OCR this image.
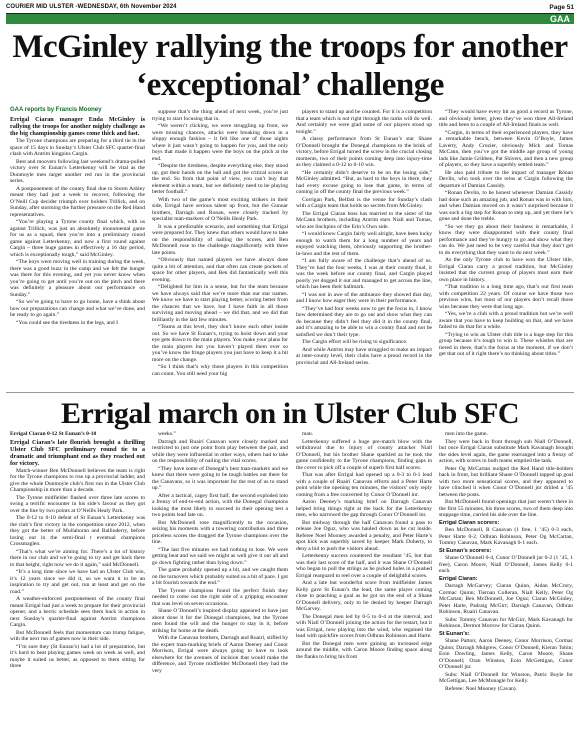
COURIER MID ULSTER -WEDNESDAY, 6th November 2024	Page 51
GAA
McGinley rallying the troops for another ‘exceptional’ challenge
GAA reports by Francis Mooney

Errigal Ciaran manager Enda McGinley is rallying the troops for another mighty challenge as the big championship games come thick and fast.

The Tyrone champions are preparing for a third tie in the space of 15 days in Sunday’s Ulster Club SFC quarter-final clash with Antrim kingpins Cargin.

Best and moovers following last weekend’s drama-pulled victory over St Eunan’s Letterkenny will be vital as the Dunmoyle men target another red run in the provincial series.

A postponement of the county final due to Storm Ashley meant they had just a week to recover, following the O’Neill Cup decider triumph over holders Trillick, and on Sunday, after storming the further pressure on the Red Hand representatives.

“You’re playing a Tyrone county final which, with us against Trillick, was just an absolutely monumental game for us as a squad, then you’re into a preliminary round game against Letterkenny, and now a first round against Cargin – three huge games in effectively a 16 day period, which is exceptionally tough,” said McGinley.

“The boys were moving well in training during the week, there was a good buzz in the camp and we felt the hunger was there for this evening, and yet you never know when you’re going to get until you’re out on the pitch and there was definitely a pleasure about our performance on Sunday.”

“So we’re going to have to go home, have a think about how our preparations can change and what we’ve done, and be ready to go again.”

“You could see the tiredness in the legs, and I

suppose that’s the thing ahead of next week, you’re just trying to start focusing that in.

“We weren’t clicking, we were struggling up front, we were missing chances, attacks were breaking down in a sloppy enough fashion – it felt like one of those nights where it just wasn’t going to happen for you, and the only boys that made it happen were the boys on the pitch at the end.

“Despite the tiredness, despite everything else, they stood up, got their hands on the ball and got the critical scores at the end. So from that point of view, you can’t buy that element within a team, but we definitely need to be playing better football.”

With two of the game’s most exciting strikers in their side, Errigal have serious talent up front, but the Gunnar brothers, Darragh and Ronan, were closely tracked by specialist man-markers of O’Neills Healy Park.

It was a predictable scenario, and something that Errigal were prepared for. They knew that others would have to take on the responsibility of nailing the scores, and Ben McDonnell rose to the challenge magnificently with three late points.

“Obviously that named players we have always done quite a bit of attention, and that often can create pockets of space for other players, and Ben did fantastically well this evening.

“Delighted for him in a sense, but for the team because we have always said that we’re more than our star names. We know we have to start playing better, scoring better from the chances that we have, but I have faith in all those surviving and moving ahead – we did that, and we did that brilliantly in the last few minutes.

“Teams at this level, they don’t know each other inside out. So we have St Eunan’s, trying to hoist down and your eye gets drawn to the main players. You make your plans for the main players but you haven’t played them ever so you’ve know the fringe players you just have to keep it a bit more on the change.

“So I think that’s why those players in this competition can count. You still need your big

players to stand up and be counted. For it is a competition that a team which is not right through the ranks will do well. And certainly we were glad some of our players stood up tonight.”

A classy performance from St Eunan’s star Shane O’Donnell brought the Donegal champions to the brink of victory, before Errigal turned the screw in the crucial closing moments, two of their points coming deep into injury-time as they claimed a 0-12 to 0-10 win.

“He certainly didn’t deserve to be on the losing side,” McGinley admitted. “But, as hard to the boys in there, they had every excuse going to lose that game, in terms of coming in off the county final the previous week.”

Corrigan Park, Belfast is the venue for Sunday’s clash with a Cargin team that holds no secrets from McGinley.

The Errigal Ciaran boss has married to the sister of the McCann brothers, including Antrim stars Niall and Tomas, who are linchpins of the Erin’s Own side.

“I would know Cargin fairly well alright, have been lucky enough to watch them for a long number of years and enjoyed watching them, obviously supporting the brother-in-laws and the rest of them.

“I am fully aware of the challenge that’s ahead of us. They’ve had the four weeks, I was at their county final, it was the week before our county final, and Cargin played poorly yet dogged it out and managed to get across the line, which has been their hallmark.

“I was not in awe of the ambiance they showed that day, and I know how eager they were in their performance.

“They’ve had four weeks now to get the focus in, I know how determined they are to go out and show what they can do because they didn’t feel they did it in the county final, and it’s amazing to be able to win a county final and not be satisfied we don’t their type.

The Cargin effort will be rising to significance.

And while Antrim may have struggled to make an impact at inter-county level, their clubs have a proud record in the provincial and All-Ireland series.

“They would have every bit as good a record as Tyrone, and obviously better, given they’ve won three All-Ireland title and been to a couple of All-Ireland finals as well.

“Cargin, in terms of their experienced players, they have a remarkable bench, between Kevin O’Boyle, James Laverty, Andy Crozier, obviously Mick and Tomas McCann, then you’ve got the middle age group of young lads like Jamie Gribben, Pat Shivers, and then a new group of players, so they have a superbly settled team.”

He also paid tribute to the impact of manager Rónan Devlin, who took over the reins at Cargin following the departure of Damian Cassidy.

“Ronan Devlin, to be honest whenever Damian Cassidy had done such an amazing job, and Ronan was in with him, and when Damian moved on it wasn’t surprised because it was such a big step for Ronan to step up, and yet there he’s gone and done the treble.

“So we they go about their business is remarkable, I know they were disappointed with their county final performance and they’re hungry to go and show what they can do. We just need to be very careful that they don’t get to do everything that they want to do next week.”

As the only Tyrone club to have won the Ulster title, Errigal Ciaran carry a proud tradition, but McGinley insisted that the current group of players must earn their own place in history.

“That tradition is a long time ago, that’s our first team with competition 22 years. Of course we have those two previous wins, but most of our players don’t recall those wins because they were that long ago.

“Yes, we’re a club with a proud tradition but we’re well aware that you have to keep building on that, and we have failed to do that for a while.

“Trying to win an Ulster club title is a huge step for this group because it’s tough to win it. These whistles that are tiered in there, that’s the focus at the moment, if we don’t get that out of it right there’s no thinking about titles.”

Errigal march on in Ulster Club SFC

Errigal Ciaran 0-12 St Eunan’s 0-10

Errigal Ciaran’s late flourish brought a thrilling Ulster Club SFC preliminary round tie to a dramatic and triumphant end as they reached out for victory.

Match-winner Ben McDonnell believes the team is right for the Tyrone champions to rise up a provincial ladder, and give the whole Dunmoyle club’s first run in the Ulster Club Championship in more than a decade.

The Tyrone midfielder flashed over three late scores to swing a terrific encounter in his side’s favour as they got over the line by two points at O’Neills Healy Park.

The 0-12 to 0-10 defeat of St Eunan’s Letterkenny was the club’s first victory in the competition since 2012, when they got the better of Mullahoran and Ballinderry, before losing out in the semi-final t eventual champions Crossmaglen.

“That’s what we’re aiming for. There’s a lot of history there in our club and we’re going to try and get back there to that height, right now we do it again,” said McDonnell.

“It’s a long time since we have had an Ulster Club win, it’s 12 years since we did it, so we want it to be an inspiration to try and get out, run at least and get on the road.”

A weather-enforced postponement of the county final meant Errigal had just a week to prepare for their provincial opener, and a hectic schedule sees them back in action in next Sunday’s quarter-final against Antrim champions Cargin.

But McDonnell feels that momentum can trump fatigue, with the next run of games now in their side.

“I’m sure they (St Eunan’s) had a lot of preparation, but it’s hard to beat playing games week on week as well, and maybe it suited us better, as opposed to them sitting for three

weeks.”

Darragh and Ruairí Canavan were closely marked and restricted to just one point from play between the pair, and while they were influential in other ways, others had to take on the responsibility of nailing the vital scores.

“They have some of Donegal’s best man-markers and we knew that there were going to be tough battles out there for the Canavans, so it was important for the rest of us to stand up.”

After a tactical, cagey first half, the second exploded into a frenzy of end-to-end action, with the Donegal champions looking the most likely to succeed in their opening test a two points lead late on.

But McDonnell rose magnificently to the occasion, seizing his moments with a towering contribution and three priceless scores the dragged the Tyrone champions over the line.

“The last five minutes we had nothing to lose. We were getting beat and we said we might as well give it our all and go down fighting rather than lying down.”

The game probably opened up a bit, and we caught them on the turnovers which probably suited us a bit of pace. I got a bit fourish towards the end.”

The Tyrone champions found the perfect finish they needed to come out the right side of a gripping encounter that was level on seven occasions.

Shane O’Donnell’s inspired display appeared to have just about done it for the Donegal champions, but the Tyrone men found the will and the hunger to stay in it, before striking for home at the death.

With the Canavan brothers, Darragh and Ruairí, stifled by the expert man-marking briefs of Aaron Deeney and Conor Morrison, Errigal were always going to have to look elsewhere for the avenues of incision that would make the difference, and Tyrone midfielder McDonnell they had the very

man.

Letterkenny suffered a huge pre-match blow with the withdrawal due to injury of county attacker Niall O’Donnell, but his brother Shane sparkled as he took the game confidently to the Tyrone champions, finding gaps in the cover to pick off a couple of superb first half scores.

That was after Errigal had opened up a 0-3 to 0-1 lead with a couple of Ruairí Canavan efforts and a Peter Harte point while the opening ten minutes, the visitors’ only reply coming from a free converted by Conor O’Donnell inr.

Aaron Deeney’s marking brief on Darragh Canavan helped bring things tight at the back for the Letterkenny men, who narrowed the gap through Conor O’Donnell inr.

But midway through the half Canavan found a pass to release Joe Oguz, who was hauled down as he cut inside. Referee Noel Mooney awarded a penalty, and Peter Harte’s spot kick was superbly saved by keeper Mark Doherty, to deny a bid to push the visitors ahead.

Letterkenny success countered the resultant ’45, but that was their last score of the half, and it was Shane O’Donnell who began to pull the strings as he picked holes in a pushed Errigal rearguard to reel over a couple of delightful scores.

And a late but wonderful score from midfielder James Kelly gave St Eunan’s the lead, the same player coming close to poaching a goal as he got on the end of a Shane O’Donnell delivery, only to be denied by keeper Darragh McGarvey.

The Donegal men led by 0-5 to 0-4 at the interval, and with Niall O’Donnell joining the action for the restart, but it was Errigal, now playing into the wind, who regained the lead with quickfire scores from Odhran Robinson and Harte.

But the Donegal men were gaining an increased edge around the middle, with Caron Moore finding space along the flanks to bring his front

men into the game.

They were back in front through sub Niall O’Donnell, but once Errigal Ciaran substitute Mark Kavanagh brought the sides level again, the game rearranged into a frenzy of action, with scores in both teams emptied the tank.

Peter Og McCartan nudged the Red Hand title-holders back in front, but brilliant Shane O’Donnell tapped up goal with two more sensational scores, and they appeared to have clinched it when Conor O’Donnell jnr drilled a ’45 between the posts.

But McDonnell found openings that just weren’t there in the first 55 minutes, his three scores, two of them deep into stoppage time, carried his side over the line.

Errigal Ciaran scorers:

Ben McDonnell, R Canavan (1 free, 1 ’45) 0-3 each, Peter Harte 0-2, Odhran Robinson, Peter Og McCartan, Tommy Canavan, Mark Kavanagh 0-1 each.

St Eunan’s scorers:

Shane O’Donnell 0-4, Conor O’Donnell jnr 0-2 (1 ’45, 1 free), Caron Moore, Niall O’Donnell, James Kelly 0-1 each.

Errigal Ciaran:

Darragh McGarvey; Ciaran Quinn, Aidan McCrory, Cormac Quinn; Tiernan Colleran, Niall Kelly, Peter Og McCartan; Ben McDonnell, Joe Oguz; Ciaran McGinley, Peter Harte, Padraig McGirr; Darragh Canavan, Odhran Robinson, Ruairí Canavan.

Subs: Tommy Canavan for McGirr, Mark Kavanagh for Robinson, Dermot Morrow for Ciaran Quinn.

St Eunan’s:

Shane Patton; Aaron Deeney, Conor Morrison, Cormac Quinn; Darragh Mulgrew, Conor O’Donnell, Kieran Tobin; Eoin Dowling, James Kelly, Caron Moore, Shane O’Donnell; Oran Winston, Eoin McGettigan, Conor O’Donnell jnr.

Subs: Niall O’Donnell for Winston, Patric Boyle for McGettigan, Lee McMonagle for Kelly.

Referee: Noel Mooney (Cavan).
